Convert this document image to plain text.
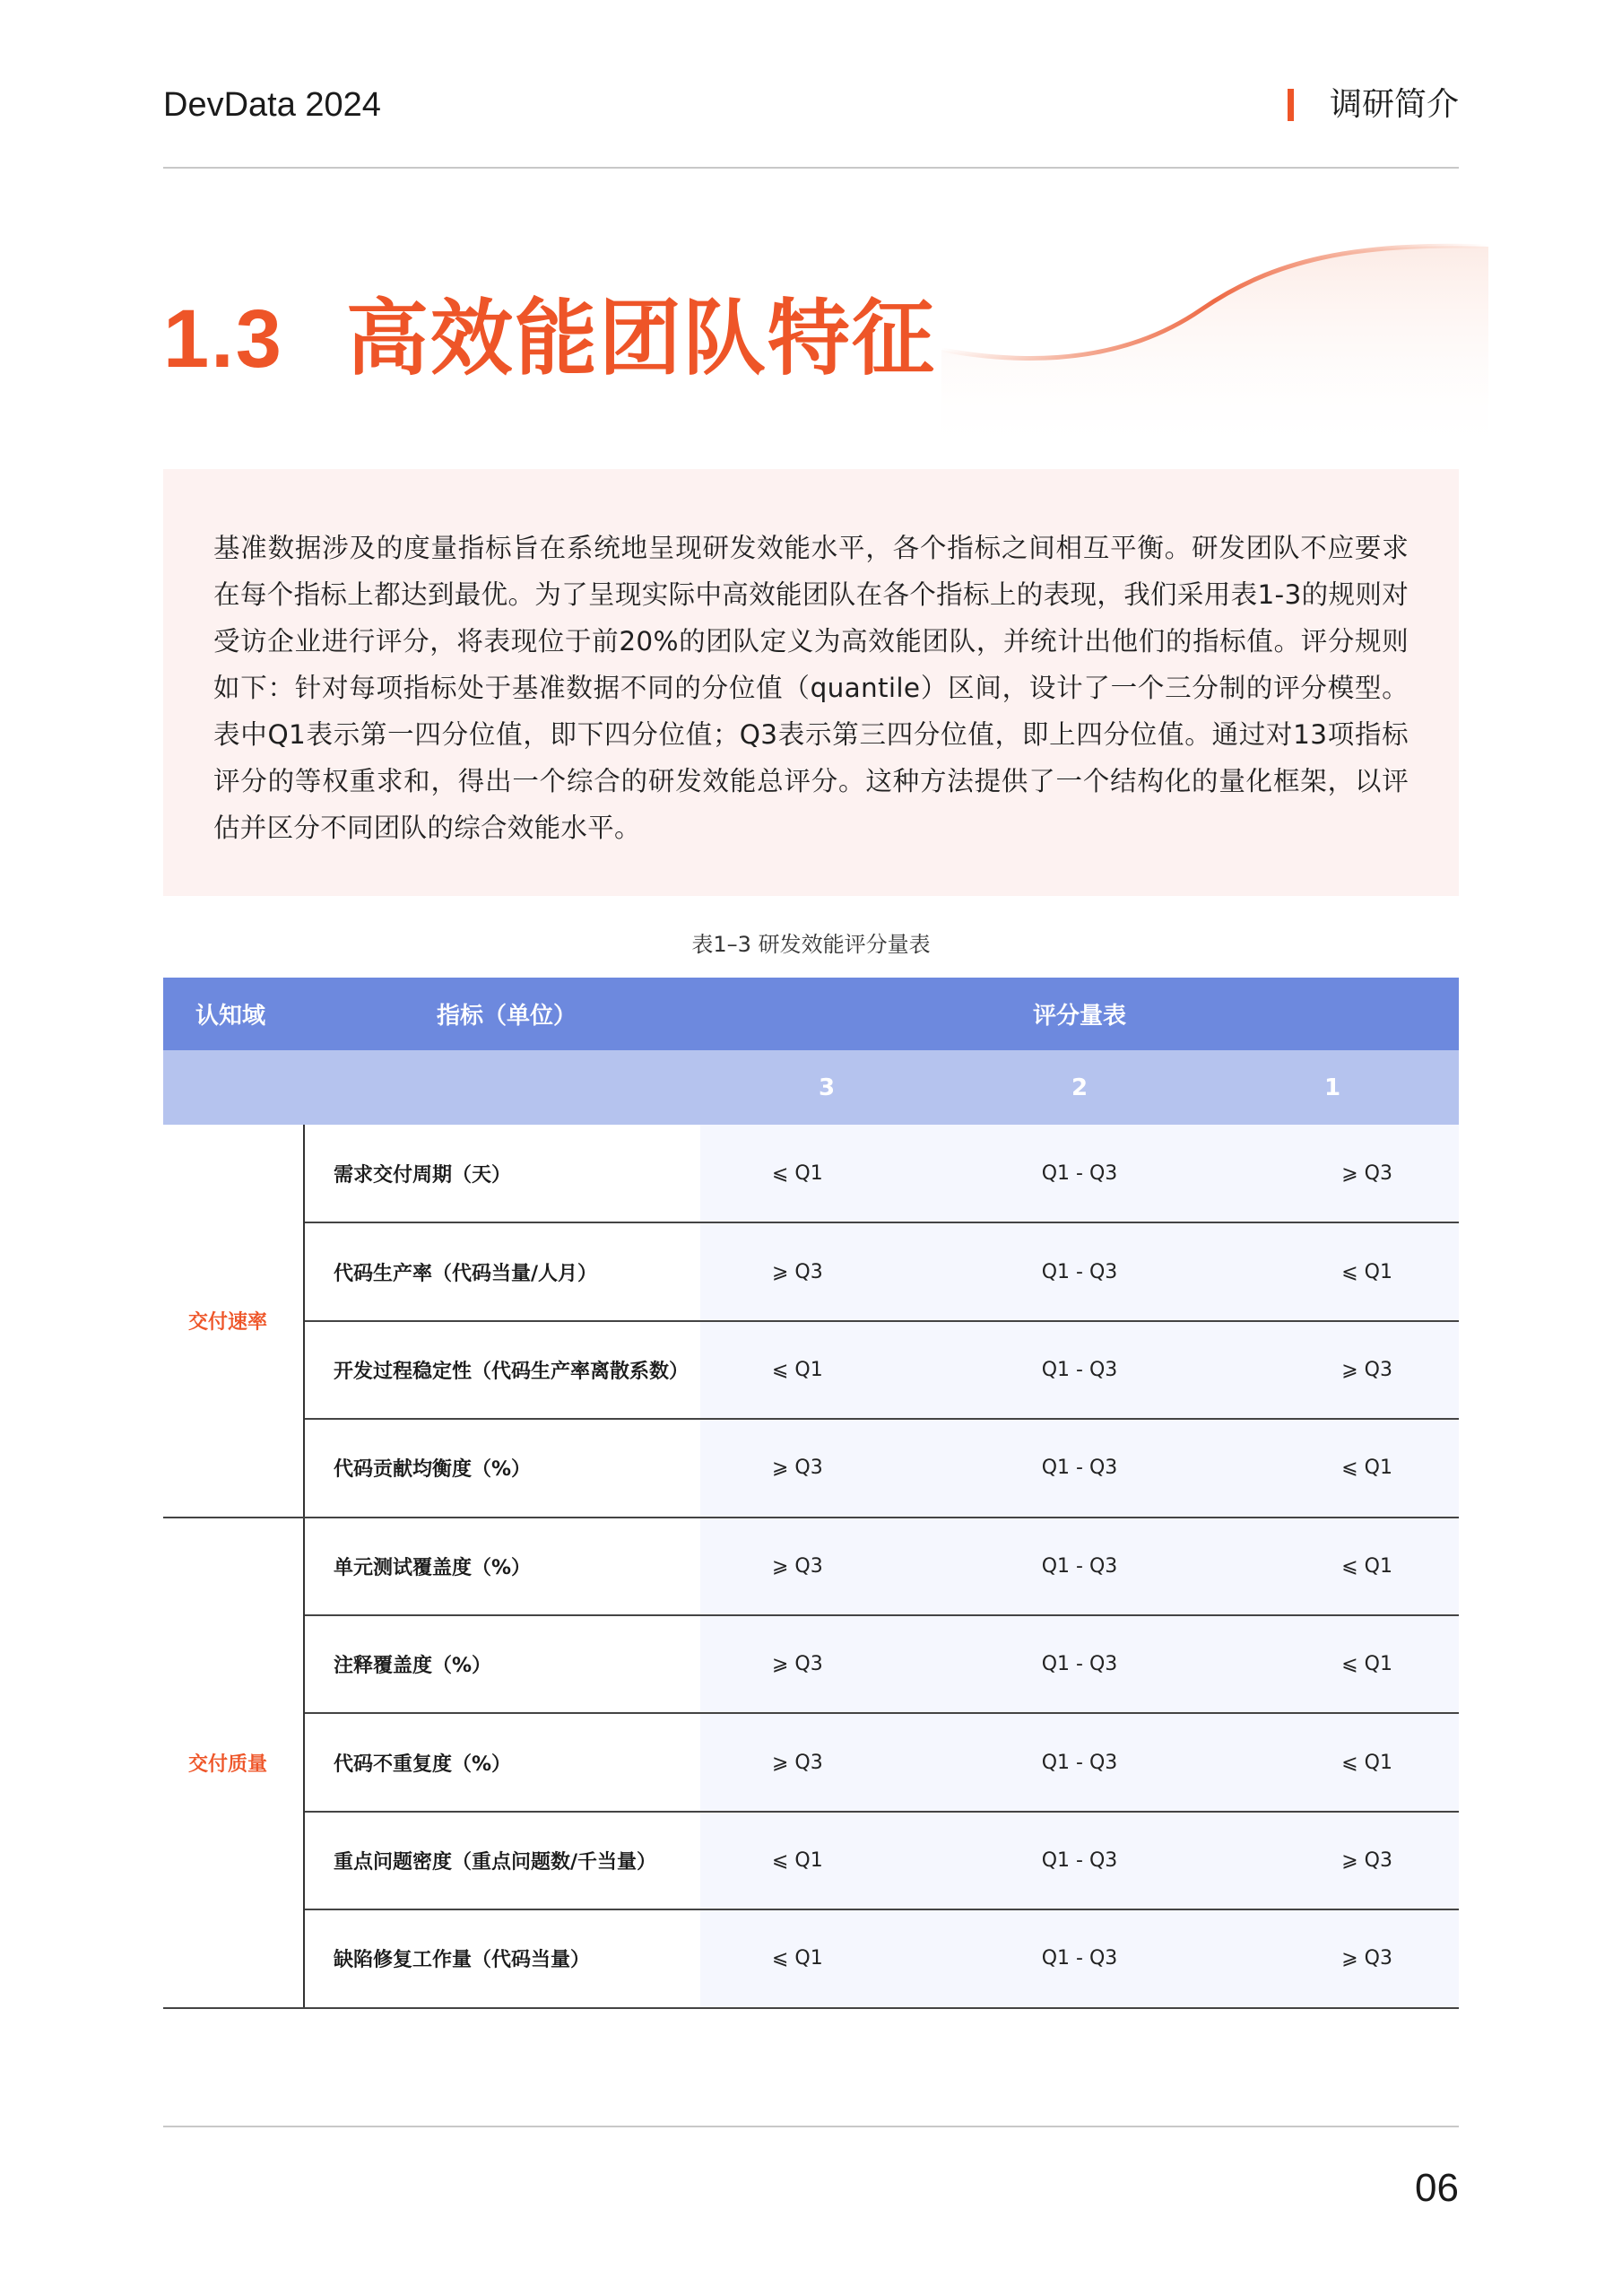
DevData 2024	调研简介
1.3 高效能团队特征

基准数据涉及的度量指标旨在系统地呈现研发效能水平，各个指标之间相互平衡。研发团队不应要求在每个指标上都达到最优。为了呈现实际中高效能团队在各个指标上的表现，我们采用表1-3的规则对受访企业进行评分，将表现位于前20%的团队定义为高效能团队，并统计出他们的指标值。评分规则如下：针对每项指标处于基准数据不同的分位值（quantile）区间，设计了一个三分制的评分模型。表中Q1表示第一四分位值，即下四分位值；Q3表示第三四分位值，即上四分位值。通过对13项指标评分的等权重求和，得出一个综合的研发效能总评分。这种方法提供了一个结构化的量化框架，以评估并区分不同团队的综合效能水平。

表1–3 研发效能评分量表
认知域	指标（单位）	评分量表		
		3	2	1
交付速率	需求交付周期（天）	⩽ Q1	Q1 - Q3	⩾ Q3
	代码生产率（代码当量/人月）	⩾ Q3	Q1 - Q3	⩽ Q1
	开发过程稳定性（代码生产率离散系数）	⩽ Q1	Q1 - Q3	⩾ Q3
	代码贡献均衡度（%）	⩾ Q3	Q1 - Q3	⩽ Q1
交付质量	单元测试覆盖度（%）	⩾ Q3	Q1 - Q3	⩽ Q1
	注释覆盖度（%）	⩾ Q3	Q1 - Q3	⩽ Q1
	代码不重复度（%）	⩾ Q3	Q1 - Q3	⩽ Q1
	重点问题密度（重点问题数/千当量）	⩽ Q1	Q1 - Q3	⩾ Q3
	缺陷修复工作量（代码当量）	⩽ Q1	Q1 - Q3	⩾ Q3
06
